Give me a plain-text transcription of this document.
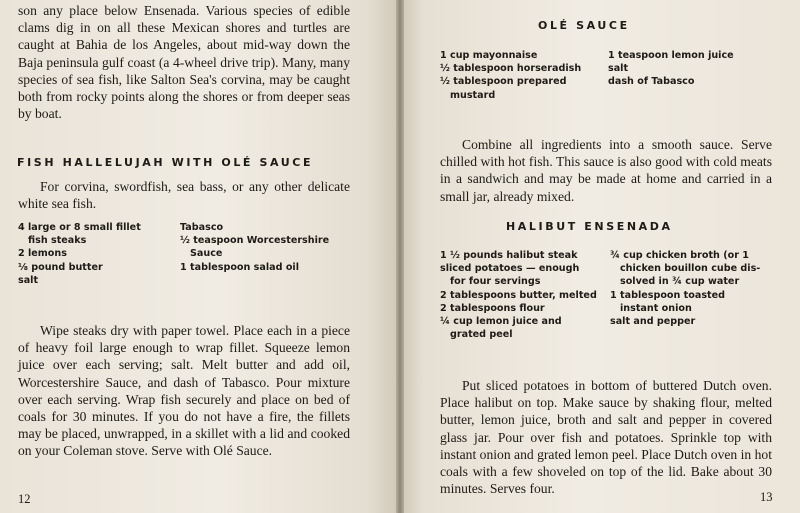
son any place below Ensenada. Various species of edible clams dig in on all these Mexican shores and turtles are caught at Bahia de los Angeles, about mid-way down the Baja peninsula gulf coast (a 4-wheel drive trip). Many, many species of sea fish, like Salton Sea's corvina, may be caught both from rocky points along the shores or from deeper seas by boat.

FISH HALLELUJAH WITH OLÉ SAUCE

For corvina, swordfish, sea bass, or any other delicate white sea fish.

4 large or 8 small fillet
fish steaks
2 lemons
⅛ pound butter
salt
Tabasco
½ teaspoon Worcestershire
Sauce
1 tablespoon salad oil

Wipe steaks dry with paper towel. Place each in a piece of heavy foil large enough to wrap fillet. Squeeze lemon juice over each serving; salt. Melt butter and add oil, Worcestershire Sauce, and dash of Tabasco. Pour mixture over each serving. Wrap fish securely and place on bed of coals for 30 minutes. If you do not have a fire, the fillets may be placed, unwrapped, in a skillet with a lid and cooked on your Coleman stove. Serve with Olé Sauce.

12
OLÉ SAUCE
1 cup mayonnaise
½ tablespoon horseradish
½ tablespoon prepared
mustard
1 teaspoon lemon juice
salt
dash of Tabasco

Combine all ingredients into a smooth sauce. Serve chilled with hot fish. This sauce is also good with cold meats in a sandwich and may be made at home and carried in a small jar, already mixed.

HALIBUT ENSENADA
1 ½ pounds halibut steak
sliced potatoes — enough
for four servings
2 tablespoons butter, melted
2 tablespoons flour
¼ cup lemon juice and
grated peel
¾ cup chicken broth (or 1
chicken bouillon cube dis-
solved in ¾ cup water
1 tablespoon toasted
instant onion
salt and pepper

Put sliced potatoes in bottom of buttered Dutch oven. Place halibut on top. Make sauce by shaking flour, melted butter, lemon juice, broth and salt and pepper in covered glass jar. Pour over fish and potatoes. Sprinkle top with instant onion and grated lemon peel. Place Dutch oven in hot coals with a few shoveled on top of the lid. Bake about 30 minutes. Serves four.

13
